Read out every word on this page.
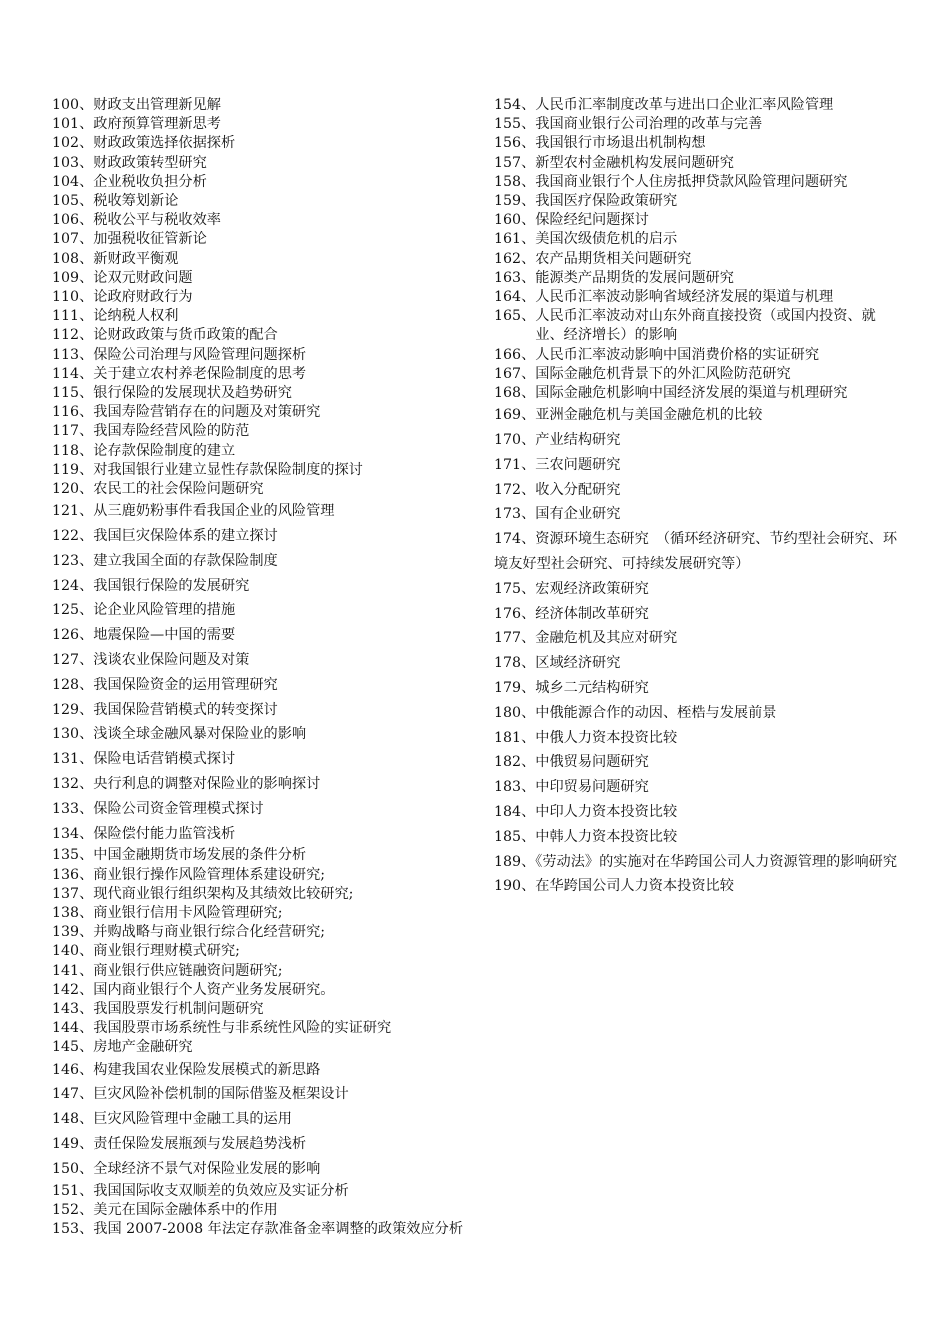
100、 财政支出管理新见解
101、 政府预算管理新思考
102、 财政政策选择依据探析
103、 财政政策转型研究
104、 企业税收负担分析
105、 税收筹划新论
106、 税收公平与税收效率
107、 加强税收征管新论
108、 新财政平衡观
109、 论双元财政问题
110、 论政府财政行为
111、 论纳税人权利
112、 论财政政策与货币政策的配合
113、 保险公司治理与风险管理问题探析
114、 关于建立农村养老保险制度的思考
115、 银行保险的发展现状及趋势研究
116、 我国寿险营销存在的问题及对策研究
117、 我国寿险经营风险的防范
118、 论存款保险制度的建立
119、 对我国银行业建立显性存款保险制度的探讨
120、 农民工的社会保险问题研究
121、 从三鹿奶粉事件看我国企业的风险管理
122、 我国巨灾保险体系的建立探讨
123、 建立我国全面的存款保险制度
124、 我国银行保险的发展研究
125、 论企业风险管理的措施
126、 地震保险—中国的需要
127、 浅谈农业保险问题及对策
128、 我国保险资金的运用管理研究
129、 我国保险营销模式的转变探讨
130、 浅谈全球金融风暴对保险业的影响
131、 保险电话营销模式探讨
132、 央行利息的调整对保险业的影响探讨
133、 保险公司资金管理模式探讨
134、 保险偿付能力监管浅析
135、 中国金融期货市场发展的条件分析
136、 商业银行操作风险管理体系建设研究;
137、 现代商业银行组织架构及其绩效比较研究;
138、 商业银行信用卡风险管理研究;
139、 并购战略与商业银行综合化经营研究;
140、 商业银行理财模式研究;
141、 商业银行供应链融资问题研究;
142、 国内商业银行个人资产业务发展研究。
143、 我国股票发行机制问题研究
144、 我国股票市场系统性与非系统性风险的实证研究
145、 房地产金融研究
146、 构建我国农业保险发展模式的新思路
147、 巨灾风险补偿机制的国际借鉴及框架设计
148、 巨灾风险管理中金融工具的运用
149、 责任保险发展瓶颈与发展趋势浅析
150、 全球经济不景气对保险业发展的影响
151、 我国国际收支双顺差的负效应及实证分析
152、 美元在国际金融体系中的作用
153、 我国 2007-2008 年法定存款准备金率调整的政策效应分析
154、 人民币汇率制度改革与进出口企业汇率风险管理
155、 我国商业银行公司治理的改革与完善
156、 我国银行市场退出机制构想
157、 新型农村金融机构发展问题研究
158、 我国商业银行个人住房抵押贷款风险管理问题研究
159、 我国医疗保险政策研究
160、 保险经纪问题探讨
161、 美国次级债危机的启示
162、 农产品期货相关问题研究
163、 能源类产品期货的发展问题研究
164、 人民币汇率波动影响省域经济发展的渠道与机理
165、 人民币汇率波动对山东外商直接投资（或国内投资、就业、经济增长）的影响
166、 人民币汇率波动影响中国消费价格的实证研究
167、 国际金融危机背景下的外汇风险防范研究
168、 国际金融危机影响中国经济发展的渠道与机理研究
169、 亚洲金融危机与美国金融危机的比较
170、 产业结构研究
171、 三农问题研究
172、 收入分配研究
173、 国有企业研究
174、资源环境生态研究　（循环经济研究、节约型社会研究、环境友好型社会研究、可持续发展研究等）
175、 宏观经济政策研究
176、 经济体制改革研究
177、 金融危机及其应对研究
178、 区域经济研究
179、 城乡二元结构研究
180、 中俄能源合作的动因、桎梏与发展前景
181、 中俄人力资本投资比较
182、 中俄贸易问题研究
183、 中印贸易问题研究
184、 中印人力资本投资比较
185、 中韩人力资本投资比较
189、《劳动法》的实施对在华跨国公司人力资源管理的影响研究
190、 在华跨国公司人力资本投资比较
